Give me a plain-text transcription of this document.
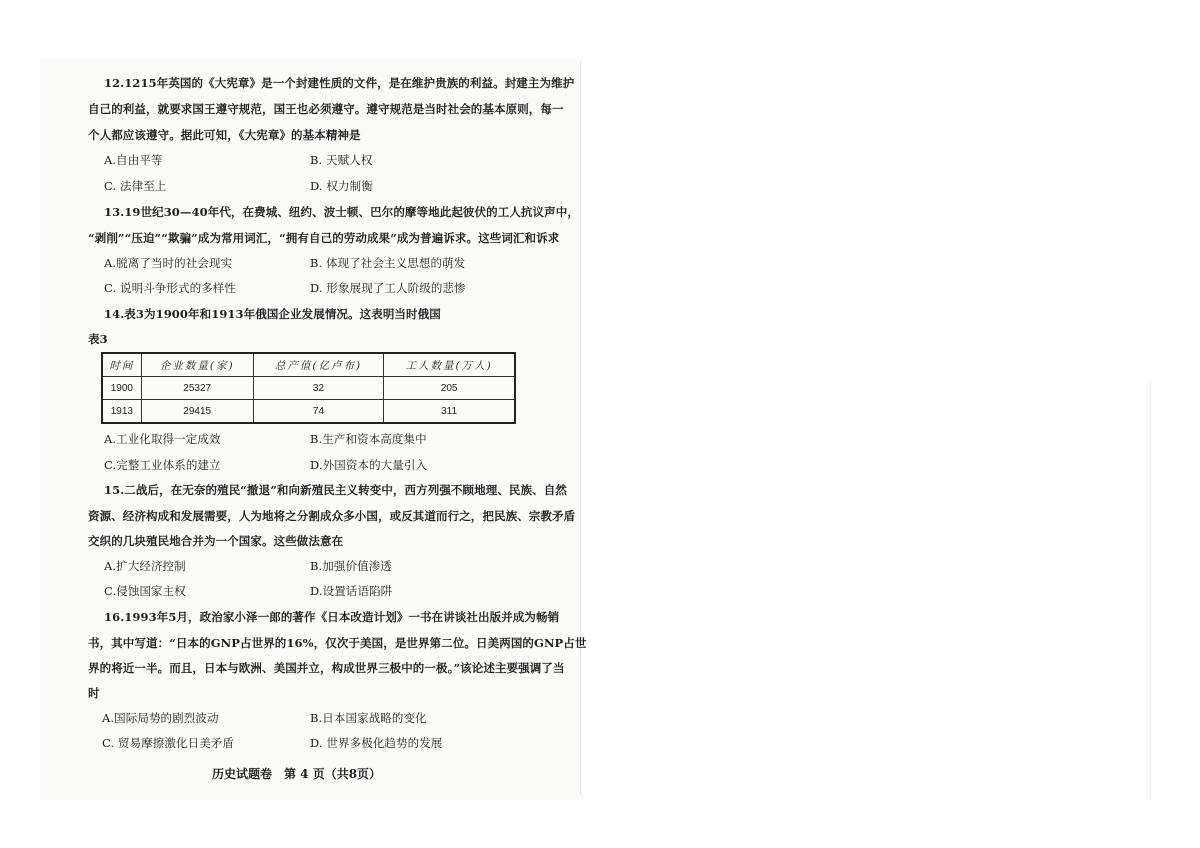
12.1215年英国的《大宪章》是一个封建性质的文件，是在维护贵族的利益。封建主为维护
自己的利益，就要求国王遵守规范，国王也必须遵守。遵守规范是当时社会的基本原则，每一
个人都应该遵守。据此可知，《大宪章》的基本精神是
A.自由平等	B. 天赋人权
C. 法律至上	D. 权力制衡
13.19世纪30—40年代，在费城、纽约、波士顿、巴尔的摩等地此起彼伏的工人抗议声中，
“剥削”“压迫”“欺骗”成为常用词汇，“拥有自己的劳动成果”成为普遍诉求。这些词汇和诉求
A.脱离了当时的社会现实	B. 体现了社会主义思想的萌发
C. 说明斗争形式的多样性	D. 形象展现了工人阶级的悲惨
14.表3为1900年和1913年俄国企业发展情况。这表明当时俄国
表3
时间	企业数量(家)	总产值(亿卢布)	工人数量(万人)
1900	25327	32	205
1913	29415	74	311
A.工业化取得一定成效	B.生产和资本高度集中
C.完整工业体系的建立	D.外国资本的大量引入
15.二战后，在无奈的殖民“撤退”和向新殖民主义转变中，西方列强不顾地理、民族、自然
资源、经济构成和发展需要，人为地将之分割成众多小国，或反其道而行之，把民族、宗教矛盾
交织的几块殖民地合并为一个国家。这些做法意在
A.扩大经济控制	B.加强价值渗透
C.侵蚀国家主权	D.设置话语陷阱
16.1993年5月，政治家小泽一郎的著作《日本改造计划》一书在讲谈社出版并成为畅销
书，其中写道：“日本的GNP占世界的16%，仅次于美国，是世界第二位。日美两国的GNP占世
界的将近一半。而且，日本与欧洲、美国并立，构成世界三极中的一极。”该论述主要强调了当
时
A.国际局势的剧烈波动	B.日本国家战略的变化
C. 贸易摩擦激化日美矛盾	D. 世界多极化趋势的发展
历史试题卷　第 4 页（共8页）
